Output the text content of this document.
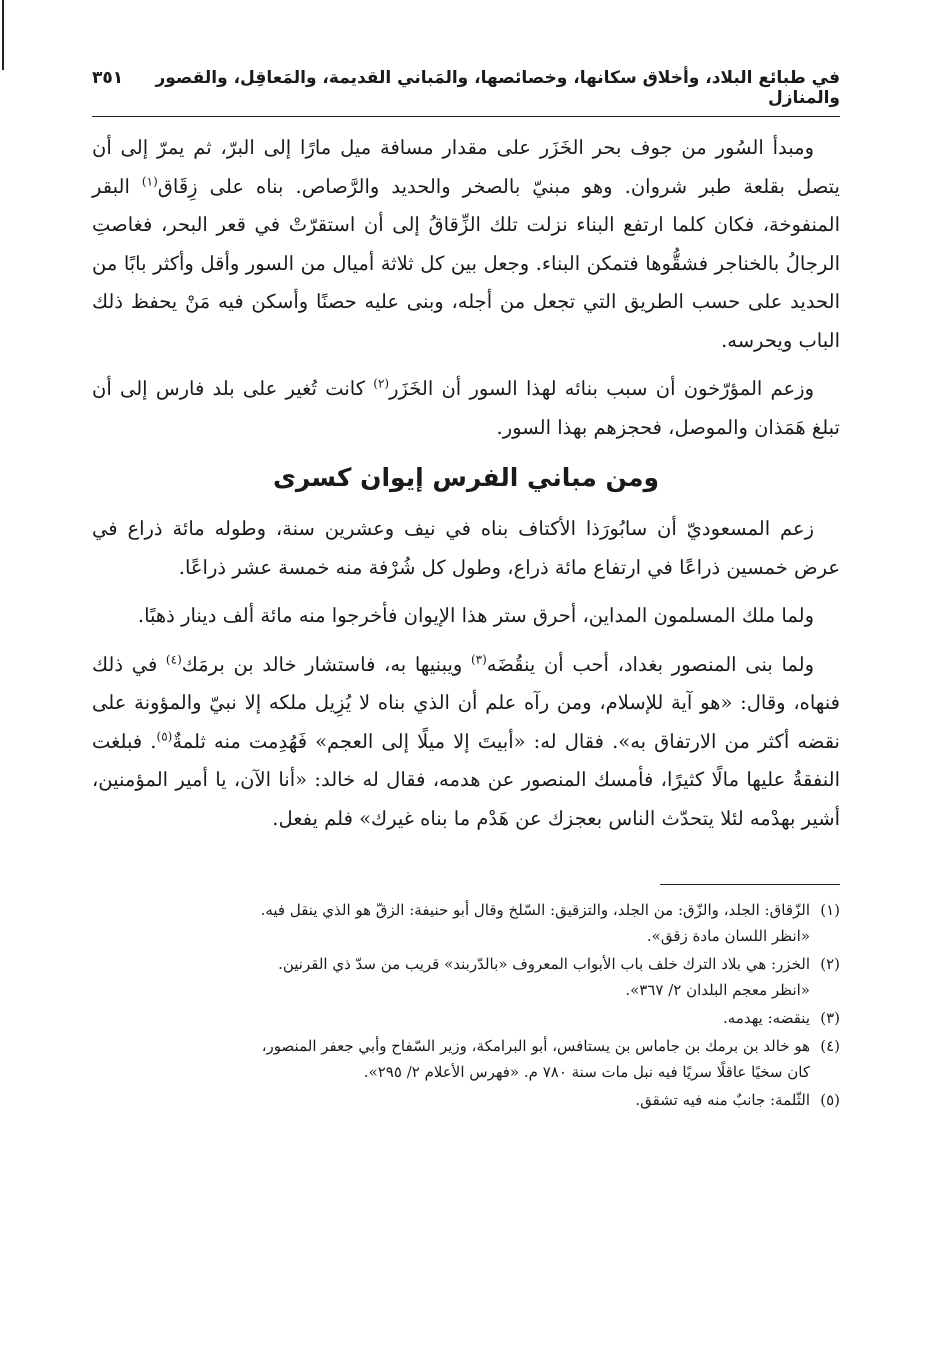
في طبائع البلاد، وأخلاق سكانها، وخصائصها، والمَباني القديمة، والمَعاقِل، والقصور والمنازل
٣٥١

ومبدأ السُور من جوف بحر الخَزَر على مقدار مسافة ميل مارًا إلى البرّ، ثم يمرّ إلى أن يتصل بقلعة طبر شروان. وهو مبنيّ بالصخر والحديد والرَّصاص. بناه على زِقَاق$^{(١)}$ البقر المنفوخة، فكان كلما ارتفع البناء نزلت تلك الزِّقاقُ إلى أن استقرّتْ في قعر البحر، فغاصتِ الرجالُ بالخناجر فشقُّوها فتمكن البناء. وجعل بين كل ثلاثة أميال من السور وأقل وأكثر بابًا من الحديد على حسب الطريق التي تجعل من أجله، وبنى عليه حصنًا وأسكن فيه مَنْ يحفظ ذلك الباب ويحرسه.

وزعم المؤرّخون أن سبب بنائه لهذا السور أن الخَزَر$^{(٢)}$ كانت تُغير على بلد فارس إلى أن تبلغ هَمَذان والموصل، فحجزهم بهذا السور.

ومن مباني الفرس إيوان كسرى

زعم المسعوديّ أن سابُورَذا الأكتاف بناه في نيف وعشرين سنة، وطوله مائة ذراع في عرض خمسين ذراعًا في ارتفاع مائة ذراع، وطول كل شُرْفة منه خمسة عشر ذراعًا.

ولما ملك المسلمون المداين، أحرق ستر هذا الإيوان فأخرجوا منه مائة ألف دينار ذهبًا.

ولما بنى المنصور بغداد، أحب أن ينقُضَه$^{(٣)}$ ويبنيها به، فاستشار خالد بن برمَك$^{(٤)}$ في ذلك فنهاه، وقال: «هو آية للإسلام، ومن رآه علم أن الذي بناه لا يُزِيل ملكه إلا نبيّ والمؤونة على نقضه أكثر من الارتفاق به». فقال له: «أبيتَ إلا ميلًا إلى العجم» فَهُدِمت منه ثلمةٌ$^{(٥)}$. فبلغت النفقةُ عليها مالًا كثيرًا، فأمسك المنصور عن هدمه، فقال له خالد: «أنا الآن، يا أمير المؤمنين، أشير بهدْمه لئلا يتحدّث الناس بعجزك عن هَدْم ما بناه غيرك» فلم يفعل.

(١)
الزّقاق: الجلد، والزّق: من الجلد، والتزقيق: السّلخ وقال أبو حنيفة: الزقّ هو الذي ينقل فيه.
«انظر اللسان مادة زقق».
(٢)
الخزر: هي بلاد الترك خلف باب الأبواب المعروف «بالدّربند» قريب من سدّ ذي القرنين.
«انظر معجم البلدان ٢/ ٣٦٧».
(٣)
ينقضه: يهدمه.
(٤)
هو خالد بن برمك بن جاماس بن يستافس، أبو البرامكة، وزير السّفاح وأبي جعفر المنصور،
كان سخيًا عاقلًا سريًا فيه نبل مات سنة ٧٨٠ م. «فهرس الأعلام ٢/ ٢٩٥».
(٥)
الثّلمة: جانبٌ منه فيه تشقق.
